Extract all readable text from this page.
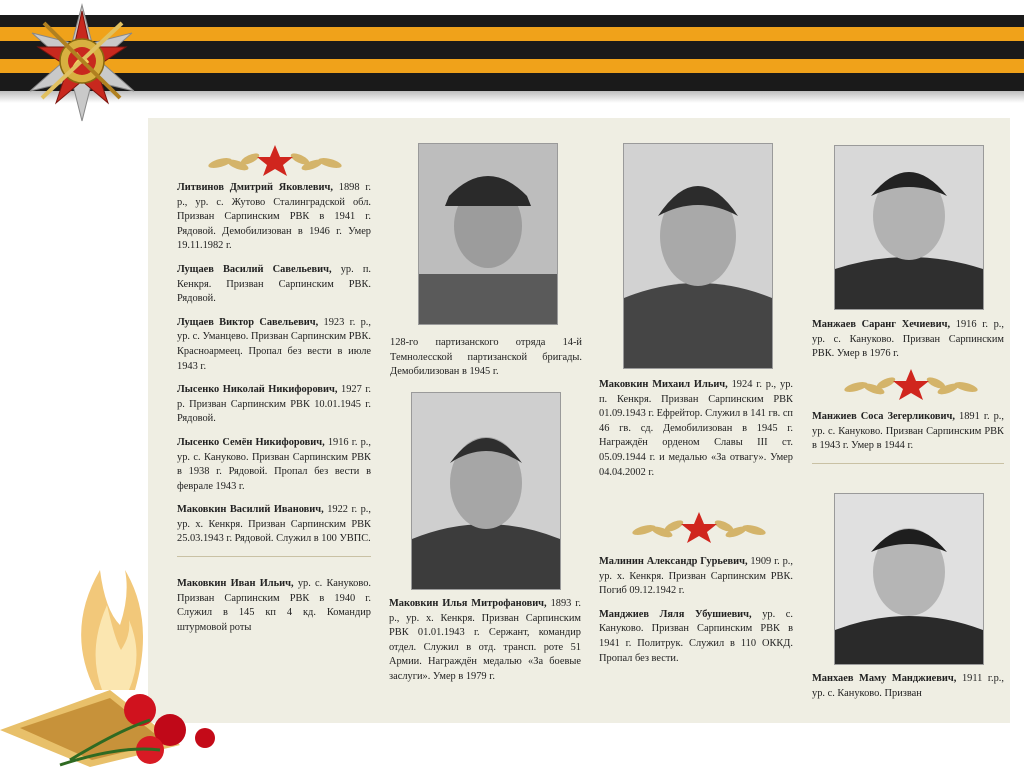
Литвинов Дмитрий Яковлевич, 1898 г. р., ур. с. Жутово Сталинградской обл. Призван Сарпинским РВК в 1941 г. Рядовой. Демобилизован в 1946 г. Умер 19.11.1982 г.
Лущаев Василий Савельевич, ур. п. Кенкря. Призван Сарпинским РВК. Рядовой.
Лущаев Виктор Савельевич, 1923 г. р., ур. с. Уманцево. Призван Сарпинским РВК. Красноармеец. Пропал без вести в июле 1943 г.
Лысенко Николай Никифорович, 1927 г. р. Призван Сарпинским РВК 10.01.1945 г. Рядовой.
Лысенко Семён Никифорович, 1916 г. р., ур. с. Кануково. Призван Сарпинским РВК в 1938 г. Рядовой. Пропал без вести в феврале 1943 г.
Маковкин Василий Иванович, 1922 г. р., ур. х. Кенкря. Призван Сарпинским РВК 25.03.1943 г. Рядовой. Служил в 100 УВПС.
Маковкин Иван Ильич, ур. с. Кануково. Призван Сарпинским РВК в 1940 г. Служил в 145 кп 4 кд. Командир штурмовой роты
128-го партизанского отряда 14-й Темнолесской партизанской бригады. Демобилизован в 1945 г.
Маковкин Илья Митрофанович, 1893 г. р., ур. х. Кенкря. Призван Сарпинским РВК 01.01.1943 г. Сержант, командир отдел. Служил в отд. трансп. роте 51 Армии. Награждён медалью «За боевые заслуги». Умер в 1979 г.
Маковкин Михаил Ильич, 1924 г. р., ур. п. Кенкря. Призван Сарпинским РВК 01.09.1943 г. Ефрейтор. Служил в 141 гв. сп 46 гв. сд. Демобилизован в 1945 г. Награждён орденом Славы III ст. 05.09.1944 г. и медалью «За отвагу». Умер 04.04.2002 г.
Малинин Александр Гурьевич, 1909 г. р., ур. х. Кенкря. Призван Сарпинским РВК. Погиб 09.12.1942 г.
Манджиев Ляля Убушиевич, ур. с. Кануково. Призван Сарпинским РВК в 1941 г. Политрук. Служил в 110 ОККД. Пропал без вести.
Манжаев Саранг Хечиевич, 1916 г. р., ур. с. Кануково. Призван Сарпинским РВК. Умер в 1976 г.
Манжиев Соса Зегерликович, 1891 г. р., ур. с. Кануково. Призван Сарпинским РВК в 1943 г. Умер в 1944 г.
Манхаев Маму Манджиевич, 1911 г.р., ур. с. Кануково. Призван
